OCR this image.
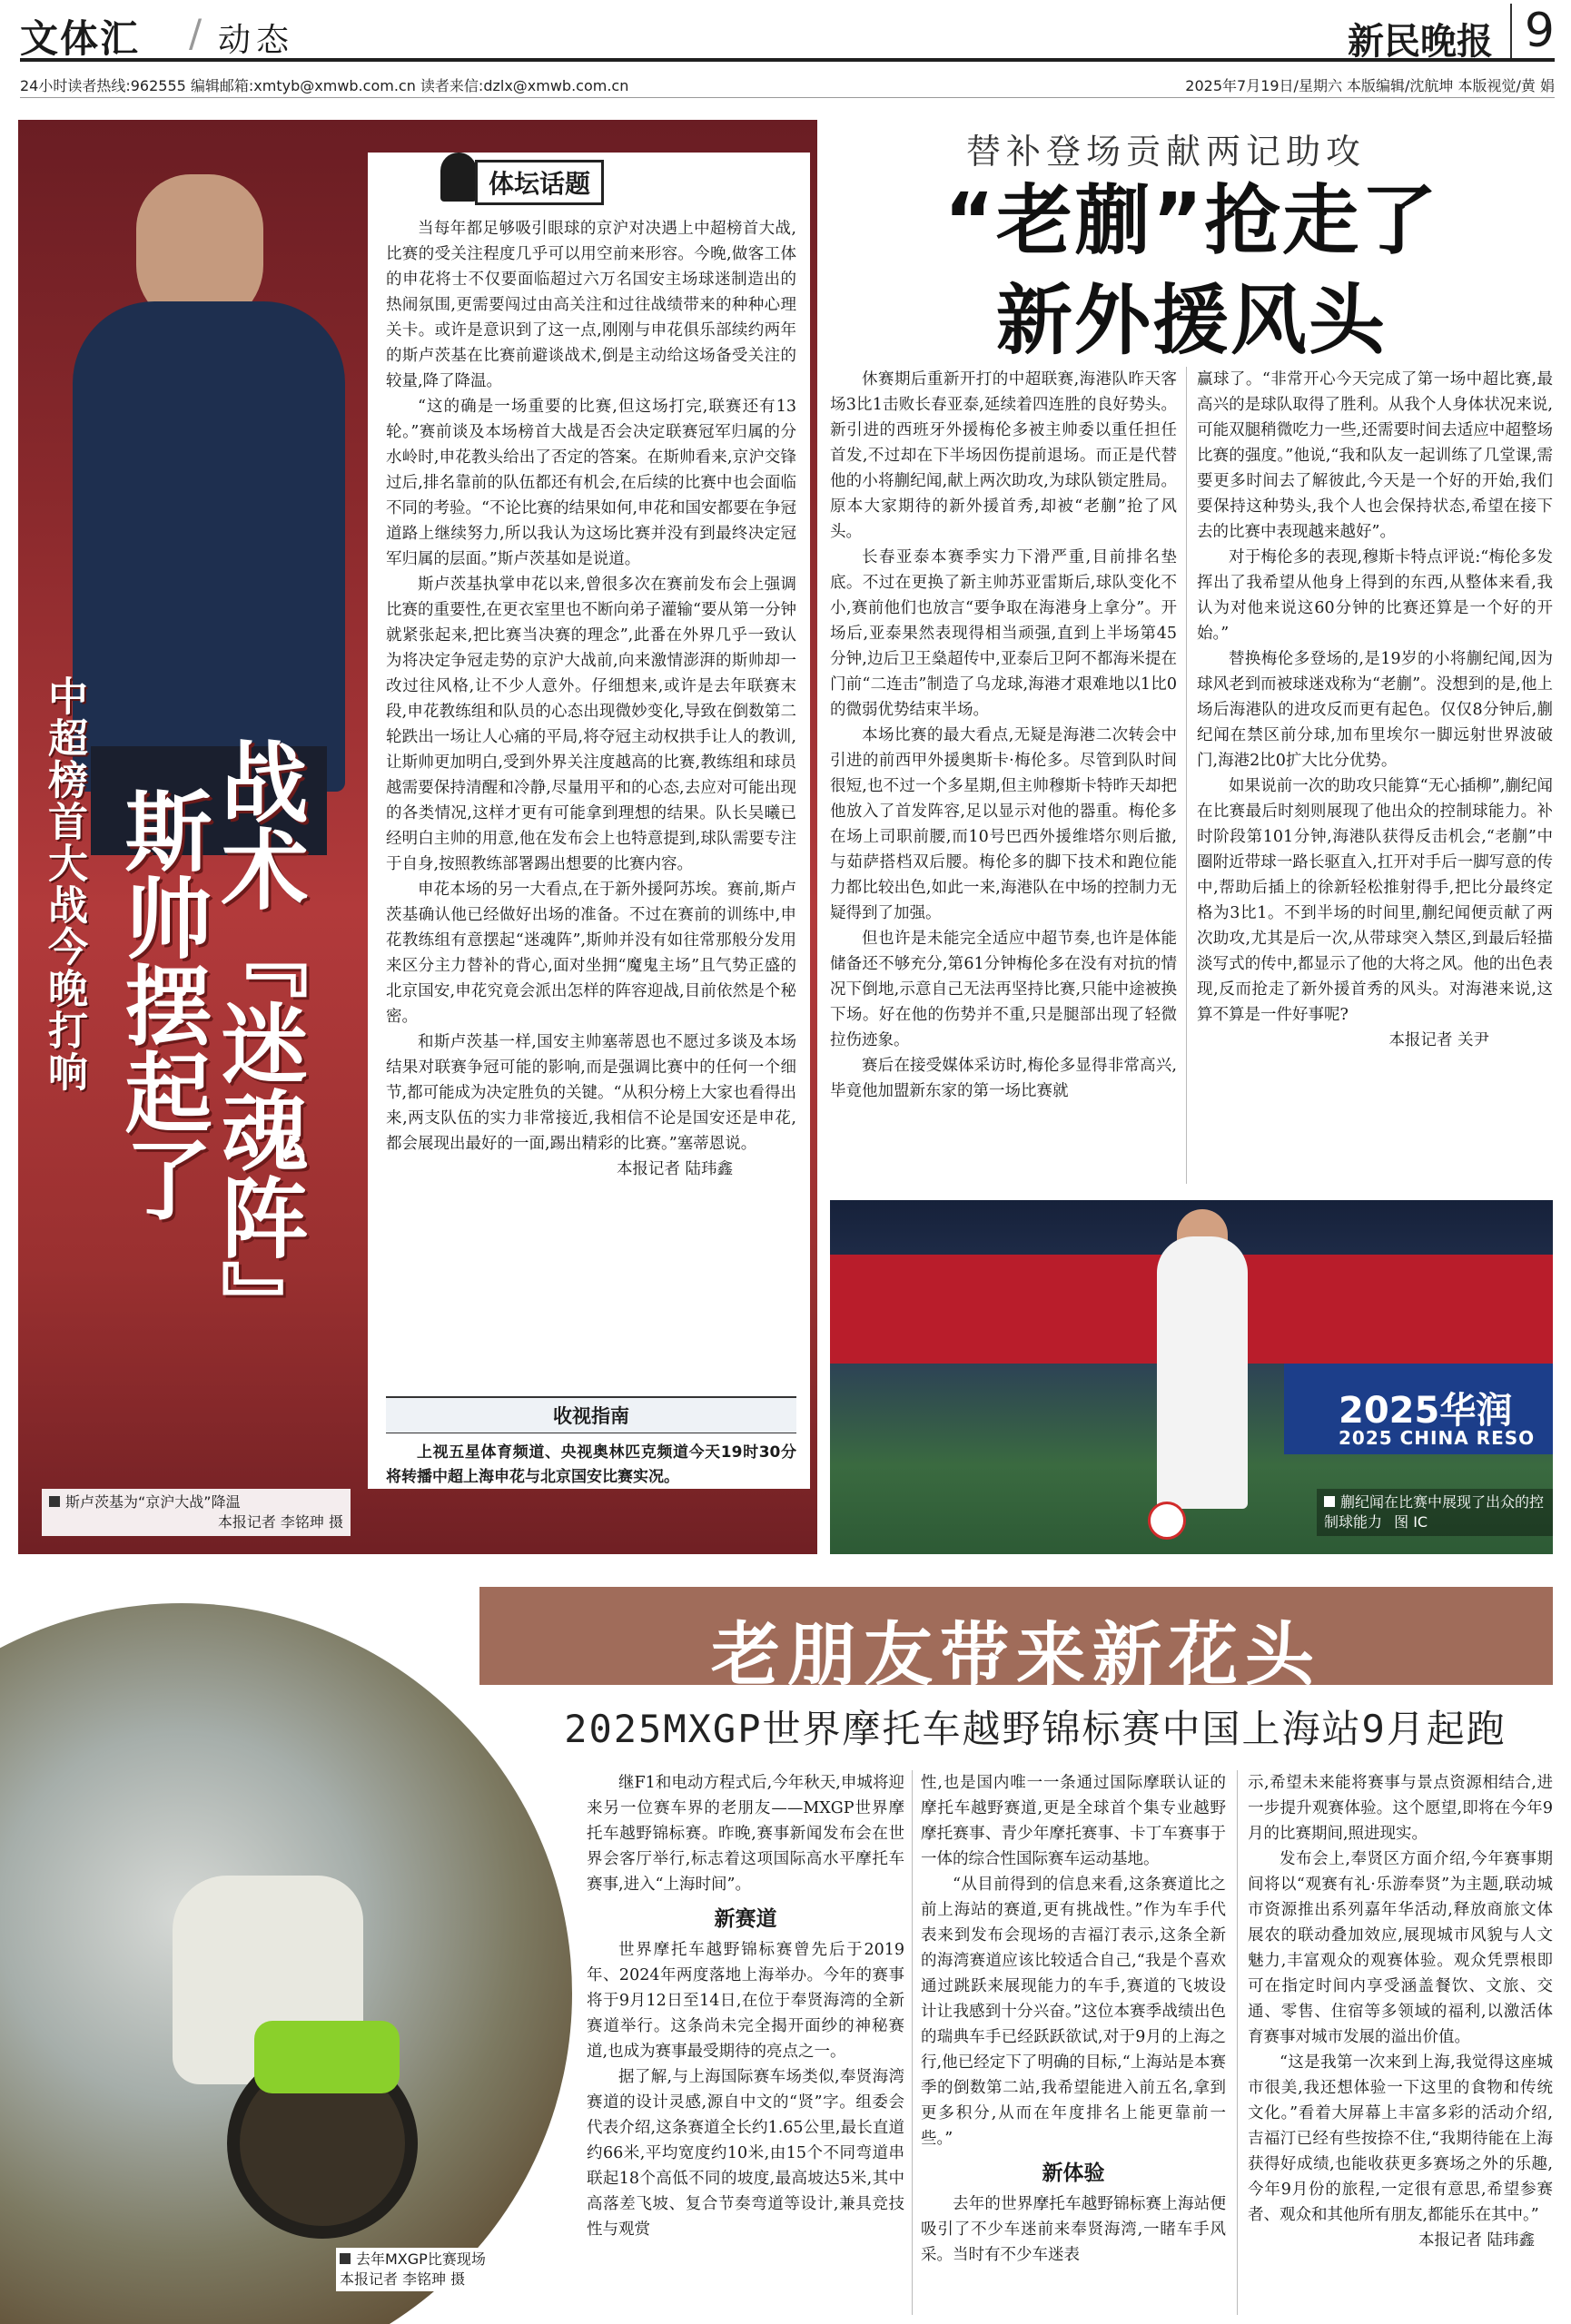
文体汇 / 动态	新民晚报 9
24小时读者热线:962555 编辑邮箱:xmtyb@xmwb.com.cn 读者来信:dzlx@xmwb.com.cn	2025年7月19日/星期六 本版编辑/沈航坤 本版视觉/黄 娟
战术『迷魂阵』
斯帅摆起了
中超榜首大战今晚打响
斯卢茨基为“京沪大战”降温
本报记者 李铭珅 摄
体坛话题

当每年都足够吸引眼球的京沪对决遇上中超榜首大战,比赛的受关注程度几乎可以用空前来形容。今晚,做客工体的申花将士不仅要面临超过六万名国安主场球迷制造出的热闹氛围,更需要闯过由高关注和过往战绩带来的种种心理关卡。或许是意识到了这一点,刚刚与申花俱乐部续约两年的斯卢茨基在比赛前避谈战术,倒是主动给这场备受关注的较量,降了降温。

“这的确是一场重要的比赛,但这场打完,联赛还有13轮。”赛前谈及本场榜首大战是否会决定联赛冠军归属的分水岭时,申花教头给出了否定的答案。在斯帅看来,京沪交锋过后,排名靠前的队伍都还有机会,在后续的比赛中也会面临不同的考验。“不论比赛的结果如何,申花和国安都要在争冠道路上继续努力,所以我认为这场比赛并没有到最终决定冠军归属的层面。”斯卢茨基如是说道。

斯卢茨基执掌申花以来,曾很多次在赛前发布会上强调比赛的重要性,在更衣室里也不断向弟子灌输“要从第一分钟就紧张起来,把比赛当决赛的理念”,此番在外界几乎一致认为将决定争冠走势的京沪大战前,向来激情澎湃的斯帅却一改过往风格,让不少人意外。仔细想来,或许是去年联赛末段,申花教练组和队员的心态出现微妙变化,导致在倒数第二轮跌出一场让人心痛的平局,将夺冠主动权拱手让人的教训,让斯帅更加明白,受到外界关注度越高的比赛,教练组和球员越需要保持清醒和冷静,尽量用平和的心态,去应对可能出现的各类情况,这样才更有可能拿到理想的结果。队长吴曦已经明白主帅的用意,他在发布会上也特意提到,球队需要专注于自身,按照教练部署踢出想要的比赛内容。

申花本场的另一大看点,在于新外援阿苏埃。赛前,斯卢茨基确认他已经做好出场的准备。不过在赛前的训练中,申花教练组有意摆起“迷魂阵”,斯帅并没有如往常那般分发用来区分主力替补的背心,面对坐拥“魔鬼主场”且气势正盛的北京国安,申花究竟会派出怎样的阵容迎战,目前依然是个秘密。

和斯卢茨基一样,国安主帅塞蒂恩也不愿过多谈及本场结果对联赛争冠可能的影响,而是强调比赛中的任何一个细节,都可能成为决定胜负的关键。“从积分榜上大家也看得出来,两支队伍的实力非常接近,我相信不论是国安还是申花,都会展现出最好的一面,踢出精彩的比赛。”塞蒂恩说。

本报记者 陆玮鑫
收视指南
上视五星体育频道、央视奥林匹克频道今天19时30分将转播中超上海申花与北京国安比赛实况。
替补登场贡献两记助攻
“老蒯”抢走了
新外援风头

休赛期后重新开打的中超联赛,海港队昨天客场3比1击败长春亚泰,延续着四连胜的良好势头。新引进的西班牙外援梅伦多被主帅委以重任担任首发,不过却在下半场因伤提前退场。而正是代替他的小将蒯纪闻,献上两次助攻,为球队锁定胜局。原本大家期待的新外援首秀,却被“老蒯”抢了风头。

长春亚泰本赛季实力下滑严重,目前排名垫底。不过在更换了新主帅苏亚雷斯后,球队变化不小,赛前他们也放言“要争取在海港身上拿分”。开场后,亚泰果然表现得相当顽强,直到上半场第45分钟,边后卫王燊超传中,亚泰后卫阿不都海米提在门前“二连击”制造了乌龙球,海港才艰难地以1比0的微弱优势结束半场。

本场比赛的最大看点,无疑是海港二次转会中引进的前西甲外援奥斯卡·梅伦多。尽管到队时间很短,也不过一个多星期,但主帅穆斯卡特昨天却把他放入了首发阵容,足以显示对他的器重。梅伦多在场上司职前腰,而10号巴西外援维塔尔则后撤,与茹萨搭档双后腰。梅伦多的脚下技术和跑位能力都比较出色,如此一来,海港队在中场的控制力无疑得到了加强。

但也许是未能完全适应中超节奏,也许是体能储备还不够充分,第61分钟梅伦多在没有对抗的情况下倒地,示意自己无法再坚持比赛,只能中途被换下场。好在他的伤势并不重,只是腿部出现了轻微拉伤迹象。

赛后在接受媒体采访时,梅伦多显得非常高兴,毕竟他加盟新东家的第一场比赛就

赢球了。“非常开心今天完成了第一场中超比赛,最高兴的是球队取得了胜利。从我个人身体状况来说,可能双腿稍微吃力一些,还需要时间去适应中超整场比赛的强度。”他说,“我和队友一起训练了几堂课,需要更多时间去了解彼此,今天是一个好的开始,我们要保持这种势头,我个人也会保持状态,希望在接下去的比赛中表现越来越好”。

对于梅伦多的表现,穆斯卡特点评说:“梅伦多发挥出了我希望从他身上得到的东西,从整体来看,我认为对他来说这60分钟的比赛还算是一个好的开始。”

替换梅伦多登场的,是19岁的小将蒯纪闻,因为球风老到而被球迷戏称为“老蒯”。没想到的是,他上场后海港队的进攻反而更有起色。仅仅8分钟后,蒯纪闻在禁区前分球,加布里埃尔一脚远射世界波破门,海港2比0扩大比分优势。

如果说前一次的助攻只能算“无心插柳”,蒯纪闻在比赛最后时刻则展现了他出众的控制球能力。补时阶段第101分钟,海港队获得反击机会,“老蒯”中圈附近带球一路长驱直入,扛开对手后一脚写意的传中,帮助后插上的徐新轻松推射得手,把比分最终定格为3比1。不到半场的时间里,蒯纪闻便贡献了两次助攻,尤其是后一次,从带球突入禁区,到最后轻描淡写式的传中,都显示了他的大将之风。他的出色表现,反而抢走了新外援首秀的风头。对海港来说,这算不算是一件好事呢?

本报记者 关尹
2025华润
2025 CHINA RESO
蒯纪闻在比赛中展现了出众的控制球能力 图 IC
去年MXGP比赛现场
本报记者 李铭珅 摄
老朋友带来新花头
2025MXGP世界摩托车越野锦标赛中国上海站9月起跑

继F1和电动方程式后,今年秋天,申城将迎来另一位赛车界的老朋友——MXGP世界摩托车越野锦标赛。昨晚,赛事新闻发布会在世界会客厅举行,标志着这项国际高水平摩托车赛事,进入“上海时间”。

新赛道

世界摩托车越野锦标赛曾先后于2019年、2024年两度落地上海举办。今年的赛事将于9月12日至14日,在位于奉贤海湾的全新赛道举行。这条尚未完全揭开面纱的神秘赛道,也成为赛事最受期待的亮点之一。

据了解,与上海国际赛车场类似,奉贤海湾赛道的设计灵感,源自中文的“贤”字。组委会代表介绍,这条赛道全长约1.65公里,最长直道约66米,平均宽度约10米,由15个不同弯道串联起18个高低不同的坡度,最高坡达5米,其中高落差飞坡、复合节奏弯道等设计,兼具竞技性与观赏

性,也是国内唯一一条通过国际摩联认证的摩托车越野赛道,更是全球首个集专业越野摩托赛事、青少年摩托赛事、卡丁车赛事于一体的综合性国际赛车运动基地。

“从目前得到的信息来看,这条赛道比之前上海站的赛道,更有挑战性。”作为车手代表来到发布会现场的吉福汀表示,这条全新的海湾赛道应该比较适合自己,“我是个喜欢通过跳跃来展现能力的车手,赛道的飞坡设计让我感到十分兴奋。”这位本赛季战绩出色的瑞典车手已经跃跃欲试,对于9月的上海之行,他已经定下了明确的目标,“上海站是本赛季的倒数第二站,我希望能进入前五名,拿到更多积分,从而在年度排名上能更靠前一些。”

新体验

去年的世界摩托车越野锦标赛上海站便吸引了不少车迷前来奉贤海湾,一睹车手风采。当时有不少车迷表

示,希望未来能将赛事与景点资源相结合,进一步提升观赛体验。这个愿望,即将在今年9月的比赛期间,照进现实。

发布会上,奉贤区方面介绍,今年赛事期间将以“观赛有礼·乐游奉贤”为主题,联动城市资源推出系列嘉年华活动,释放商旅文体展农的联动叠加效应,展现城市风貌与人文魅力,丰富观众的观赛体验。观众凭票根即可在指定时间内享受涵盖餐饮、文旅、交通、零售、住宿等多领域的福利,以激活体育赛事对城市发展的溢出价值。

“这是我第一次来到上海,我觉得这座城市很美,我还想体验一下这里的食物和传统文化。”看着大屏幕上丰富多彩的活动介绍,吉福汀已经有些按捺不住,“我期待能在上海获得好成绩,也能收获更多赛场之外的乐趣,今年9月份的旅程,一定很有意思,希望参赛者、观众和其他所有朋友,都能乐在其中。”

本报记者 陆玮鑫
